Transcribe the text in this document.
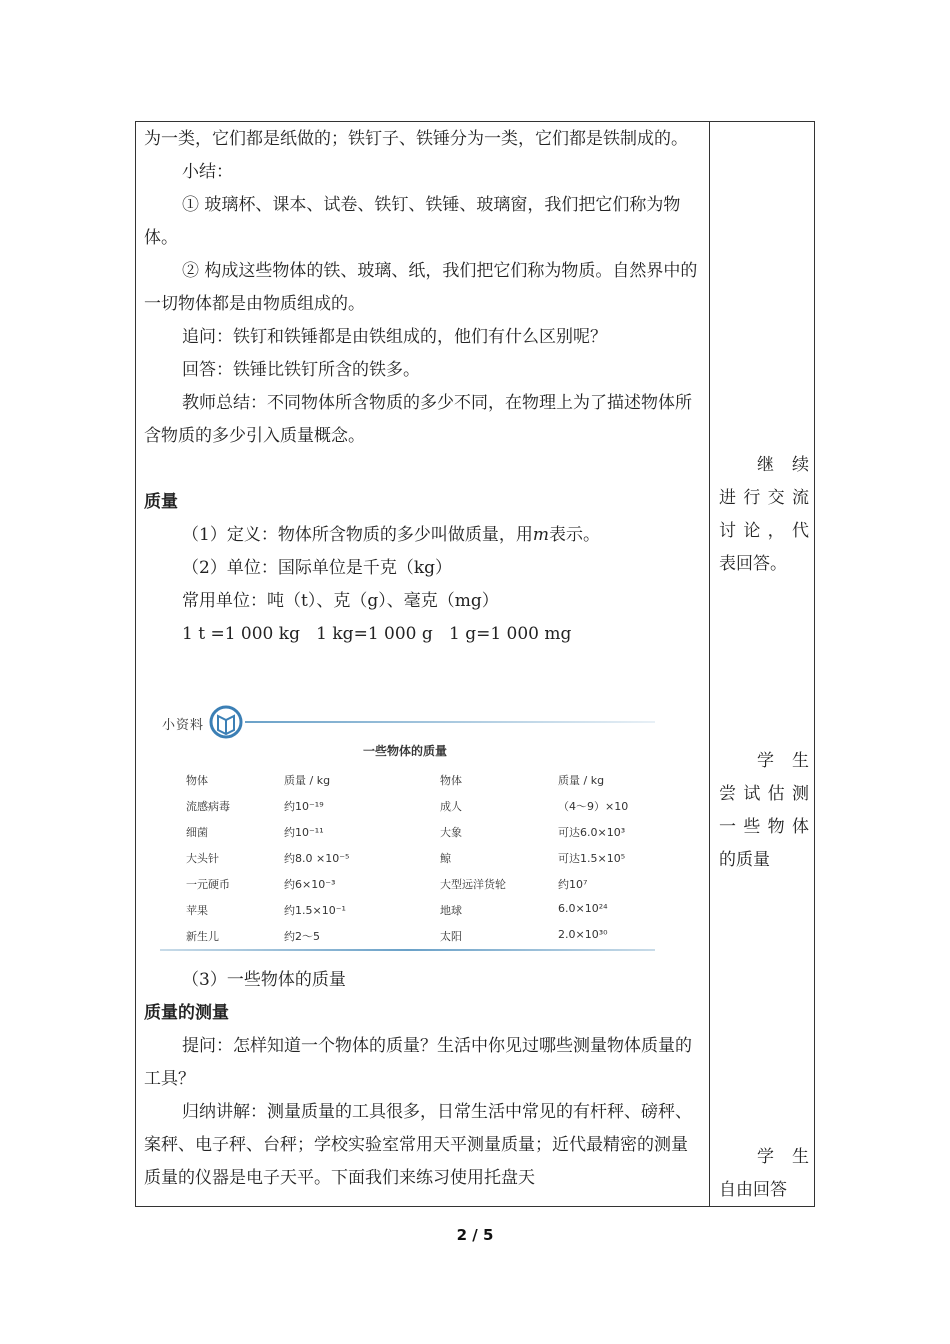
为一类，它们都是纸做的；铁钉子、铁锤分为一类，它们都是铁制成的。

小结：

① 玻璃杯、课本、试卷、铁钉、铁锤、玻璃窗，我们把它们称为物体。

② 构成这些物体的铁、玻璃、纸，我们把它们称为物质。自然界中的一切物体都是由物质组成的。

追问：铁钉和铁锤都是由铁组成的，他们有什么区别呢？

回答：铁锤比铁钉所含的铁多。

教师总结：不同物体所含物质的多少不同，在物理上为了描述物体所含物质的多少引入质量概念。

质量

（1）定义：物体所含物质的多少叫做质量，用m表示。

（2）单位：国际单位是千克（kg）

常用单位：吨（t）、克（g）、毫克（mg）

1 t =1 000 kg   1 kg=1 000 g   1 g=1 000 mg

小资料
一些物体的质量
物体	质量 / kg	物体	质量 / kg
流感病毒	约10⁻¹⁹	成人	（4～9）×10
细菌	约10⁻¹¹	大象	可达6.0×10³
大头针	约8.0 ×10⁻⁵	鲸	可达1.5×10⁵
一元硬币	约6×10⁻³	大型远洋货轮	约10⁷
苹果	约1.5×10⁻¹	地球	6.0×10²⁴
新生儿	约2～5	太阳	2.0×10³⁰

（3）一些物体的质量

质量的测量

提问：怎样知道一个物体的质量？生活中你见过哪些测量物体质量的工具？

归纳讲解：测量质量的工具很多，日常生活中常见的有杆秤、磅秤、案秤、电子秤、台秤；学校实验室常用天平测量质量；近代最精密的测量质量的仪器是电子天平。下面我们来练习使用托盘天

继续
进行交流
讨论，代
表回答。
学生
尝试估测
一些物体
的质量
学生
自由回答
2 / 5
